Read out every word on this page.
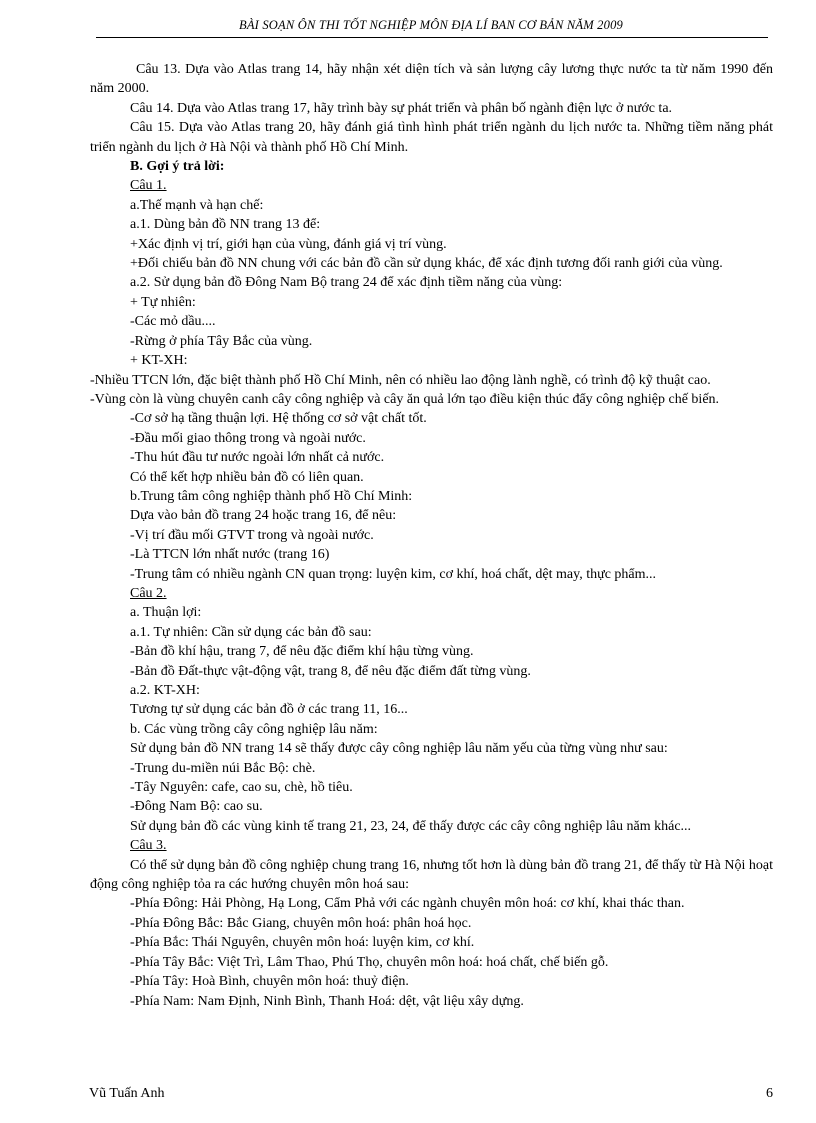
BÀI SOẠN ÔN THI TỐT NGHIỆP MÔN ĐỊA LÍ BAN CƠ BẢN NĂM 2009

Câu 13. Dựa vào Atlas trang 14, hãy nhận xét diện tích và sản lượng cây lương thực nước ta từ năm 1990 đến năm 2000.

Câu 14. Dựa vào Atlas trang 17, hãy trình bày sự phát triển và phân bố ngành điện lực ở nước ta.

Câu 15. Dựa vào Atlas trang 20, hãy đánh giá tình hình phát triển ngành du lịch nước ta. Những tiềm năng phát triển ngành du lịch ở Hà Nội và thành phố Hồ Chí Minh.

B. Gợi ý trả lời:

Câu 1.

a.Thế mạnh và hạn chế:

a.1. Dùng bản đồ NN trang 13 để:

+Xác định vị trí, giới hạn của vùng, đánh giá vị trí vùng.

+Đối chiếu bản đồ NN chung với các bản đồ cần sử dụng khác, để xác định tương đối ranh giới của vùng.

a.2. Sử dụng bản đồ Đông Nam Bộ trang 24 để xác định tiềm năng của vùng:

+ Tự nhiên:

-Các mỏ dầu....

-Rừng ở phía Tây Bắc của vùng.

+ KT-XH:

-Nhiều TTCN lớn, đặc biệt thành phố Hồ Chí Minh, nên có nhiều lao động lành nghề, có trình độ kỹ thuật cao.

-Vùng còn là vùng chuyên canh cây công nghiệp và cây ăn quả lớn tạo điều kiện thúc đẩy công nghiệp chế biến.

-Cơ sở hạ tầng thuận lợi. Hệ thống cơ sở vật chất tốt.

-Đầu mối giao thông trong và ngoài nước.

-Thu hút đầu tư nước ngoài lớn nhất cả nước.

Có thể kết hợp nhiều bản đồ có liên quan.

b.Trung tâm công nghiệp thành phố Hồ Chí Minh:

Dựa vào bản đồ trang 24 hoặc trang 16, để nêu:

-Vị trí đầu mối GTVT trong và ngoài nước.

-Là TTCN lớn nhất nước (trang 16)

-Trung tâm có nhiều ngành CN quan trọng: luyện kim, cơ khí, hoá chất, dệt may, thực phẩm...

Câu 2.

a. Thuận lợi:

a.1. Tự nhiên: Cần sử dụng các bản đồ sau:

-Bản đồ khí hậu, trang 7, để nêu đặc điểm khí hậu từng vùng.

-Bản đồ Đất-thực vật-động vật, trang 8, để nêu đặc điểm đất từng vùng.

a.2. KT-XH:

Tương tự sử dụng các bản đồ ở các trang 11, 16...

b. Các vùng trồng cây công nghiệp lâu năm:

Sử dụng bản đồ NN trang 14 sẽ thấy được cây công nghiệp lâu năm yếu của từng vùng như sau:

-Trung du-miền núi Bắc Bộ: chè.

-Tây Nguyên: cafe, cao su, chè, hồ tiêu.

-Đông Nam Bộ: cao su.

Sử dụng bản đồ các vùng kinh tế trang 21, 23, 24, để thấy được các cây công nghiệp lâu năm khác...

Câu 3.

Có thể sử dụng bản đồ công nghiệp chung trang 16, nhưng tốt hơn là dùng bản đồ trang 21, để thấy từ Hà Nội hoạt động công nghiệp tỏa ra các hướng chuyên môn hoá sau:

-Phía Đông: Hải Phòng, Hạ Long, Cẩm Phả với các ngành chuyên môn hoá: cơ khí, khai thác than.

-Phía Đông Bắc: Bắc Giang, chuyên môn hoá: phân hoá học.

-Phía Bắc: Thái Nguyên, chuyên môn hoá: luyện kim, cơ khí.

-Phía Tây Bắc: Việt Trì, Lâm Thao, Phú Thọ, chuyên môn hoá: hoá chất, chế biến gỗ.

-Phía Tây: Hoà Bình, chuyên môn hoá: thuỷ điện.

-Phía Nam: Nam Định, Ninh Bình, Thanh Hoá: dệt, vật liệu xây dựng.

Vũ Tuấn Anh	6
